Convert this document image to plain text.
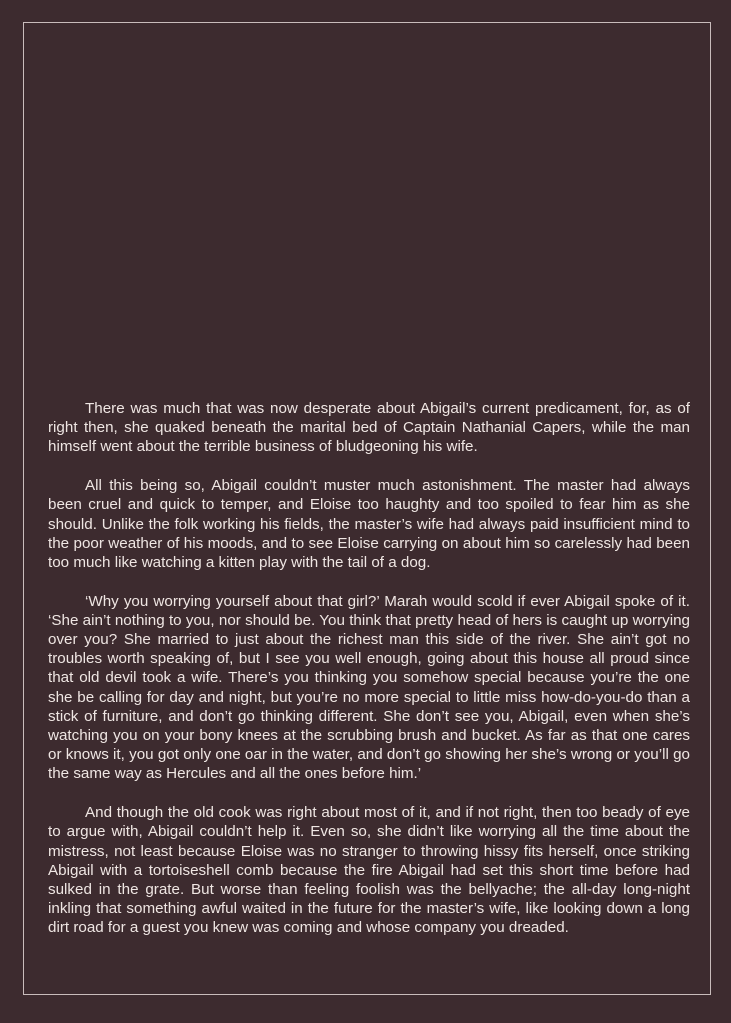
There was much that was now desperate about Abigail’s current predicament, for, as of right then, she quaked beneath the marital bed of Captain Nathanial Capers, while the man himself went about the terrible business of bludgeoning his wife.

All this being so, Abigail couldn’t muster much astonishment. The master had always been cruel and quick to temper, and Eloise too haughty and too spoiled to fear him as she should. Unlike the folk working his fields, the master’s wife had always paid insufficient mind to the poor weather of his moods, and to see Eloise carrying on about him so carelessly had been too much like watching a kitten play with the tail of a dog.

‘Why you worrying yourself about that girl?’ Marah would scold if ever Abigail spoke of it. ‘She ain’t nothing to you, nor should be. You think that pretty head of hers is caught up worrying over you? She married to just about the richest man this side of the river. She ain’t got no troubles worth speaking of, but I see you well enough, going about this house all proud since that old devil took a wife. There’s you thinking you somehow special because you’re the one she be calling for day and night, but you’re no more special to little miss how-do-you-do than a stick of furniture, and don’t go thinking different. She don’t see you, Abigail, even when she’s watching you on your bony knees at the scrubbing brush and bucket. As far as that one cares or knows it, you got only one oar in the water, and don’t go showing her she’s wrong or you’ll go the same way as Hercules and all the ones before him.’

And though the old cook was right about most of it, and if not right, then too beady of eye to argue with, Abigail couldn’t help it. Even so, she didn’t like worrying all the time about the mistress, not least because Eloise was no stranger to throwing hissy fits herself, once striking Abigail with a tortoiseshell comb because the fire Abigail had set this short time before had sulked in the grate. But worse than feeling foolish was the bellyache; the all-day long-night inkling that something awful waited in the future for the master’s wife, like looking down a long dirt road for a guest you knew was coming and whose company you dreaded.
